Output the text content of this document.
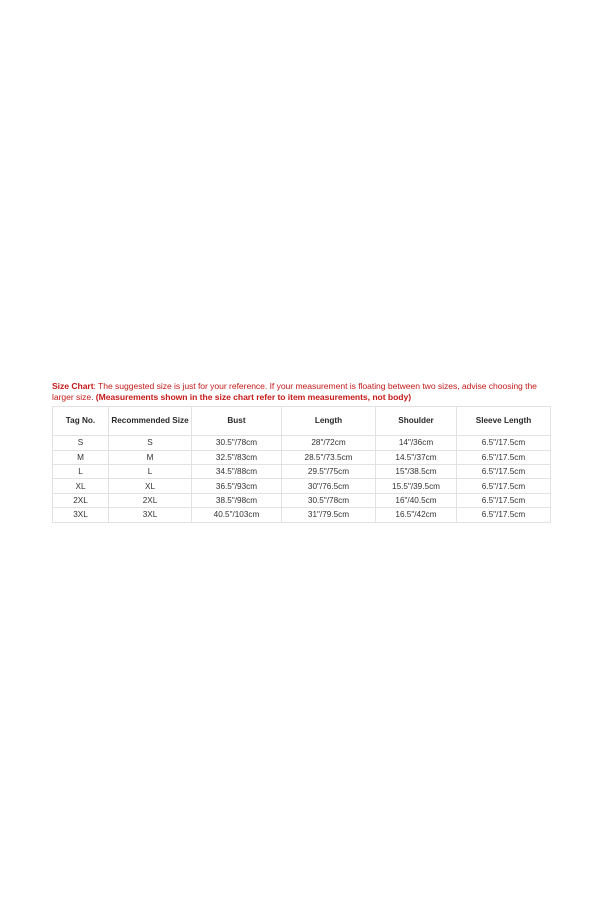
Size Chart: The suggested size is just for your reference. If your measurement is floating between two sizes, advise choosing the larger size. (Measurements shown in the size chart refer to item measurements, not body)

Tag No.	Recommended Size	Bust	Length	Shoulder	Sleeve Length
S	S	30.5"/78cm	28"/72cm	14"/36cm	6.5"/17.5cm
M	M	32.5"/83cm	28.5"/73.5cm	14.5"/37cm	6.5"/17.5cm
L	L	34.5"/88cm	29.5"/75cm	15"/38.5cm	6.5"/17.5cm
XL	XL	36.5"/93cm	30"/76.5cm	15.5"/39.5cm	6.5"/17.5cm
2XL	2XL	38.5"/98cm	30.5"/78cm	16"/40.5cm	6.5"/17.5cm
3XL	3XL	40.5"/103cm	31"/79.5cm	16.5"/42cm	6.5"/17.5cm
